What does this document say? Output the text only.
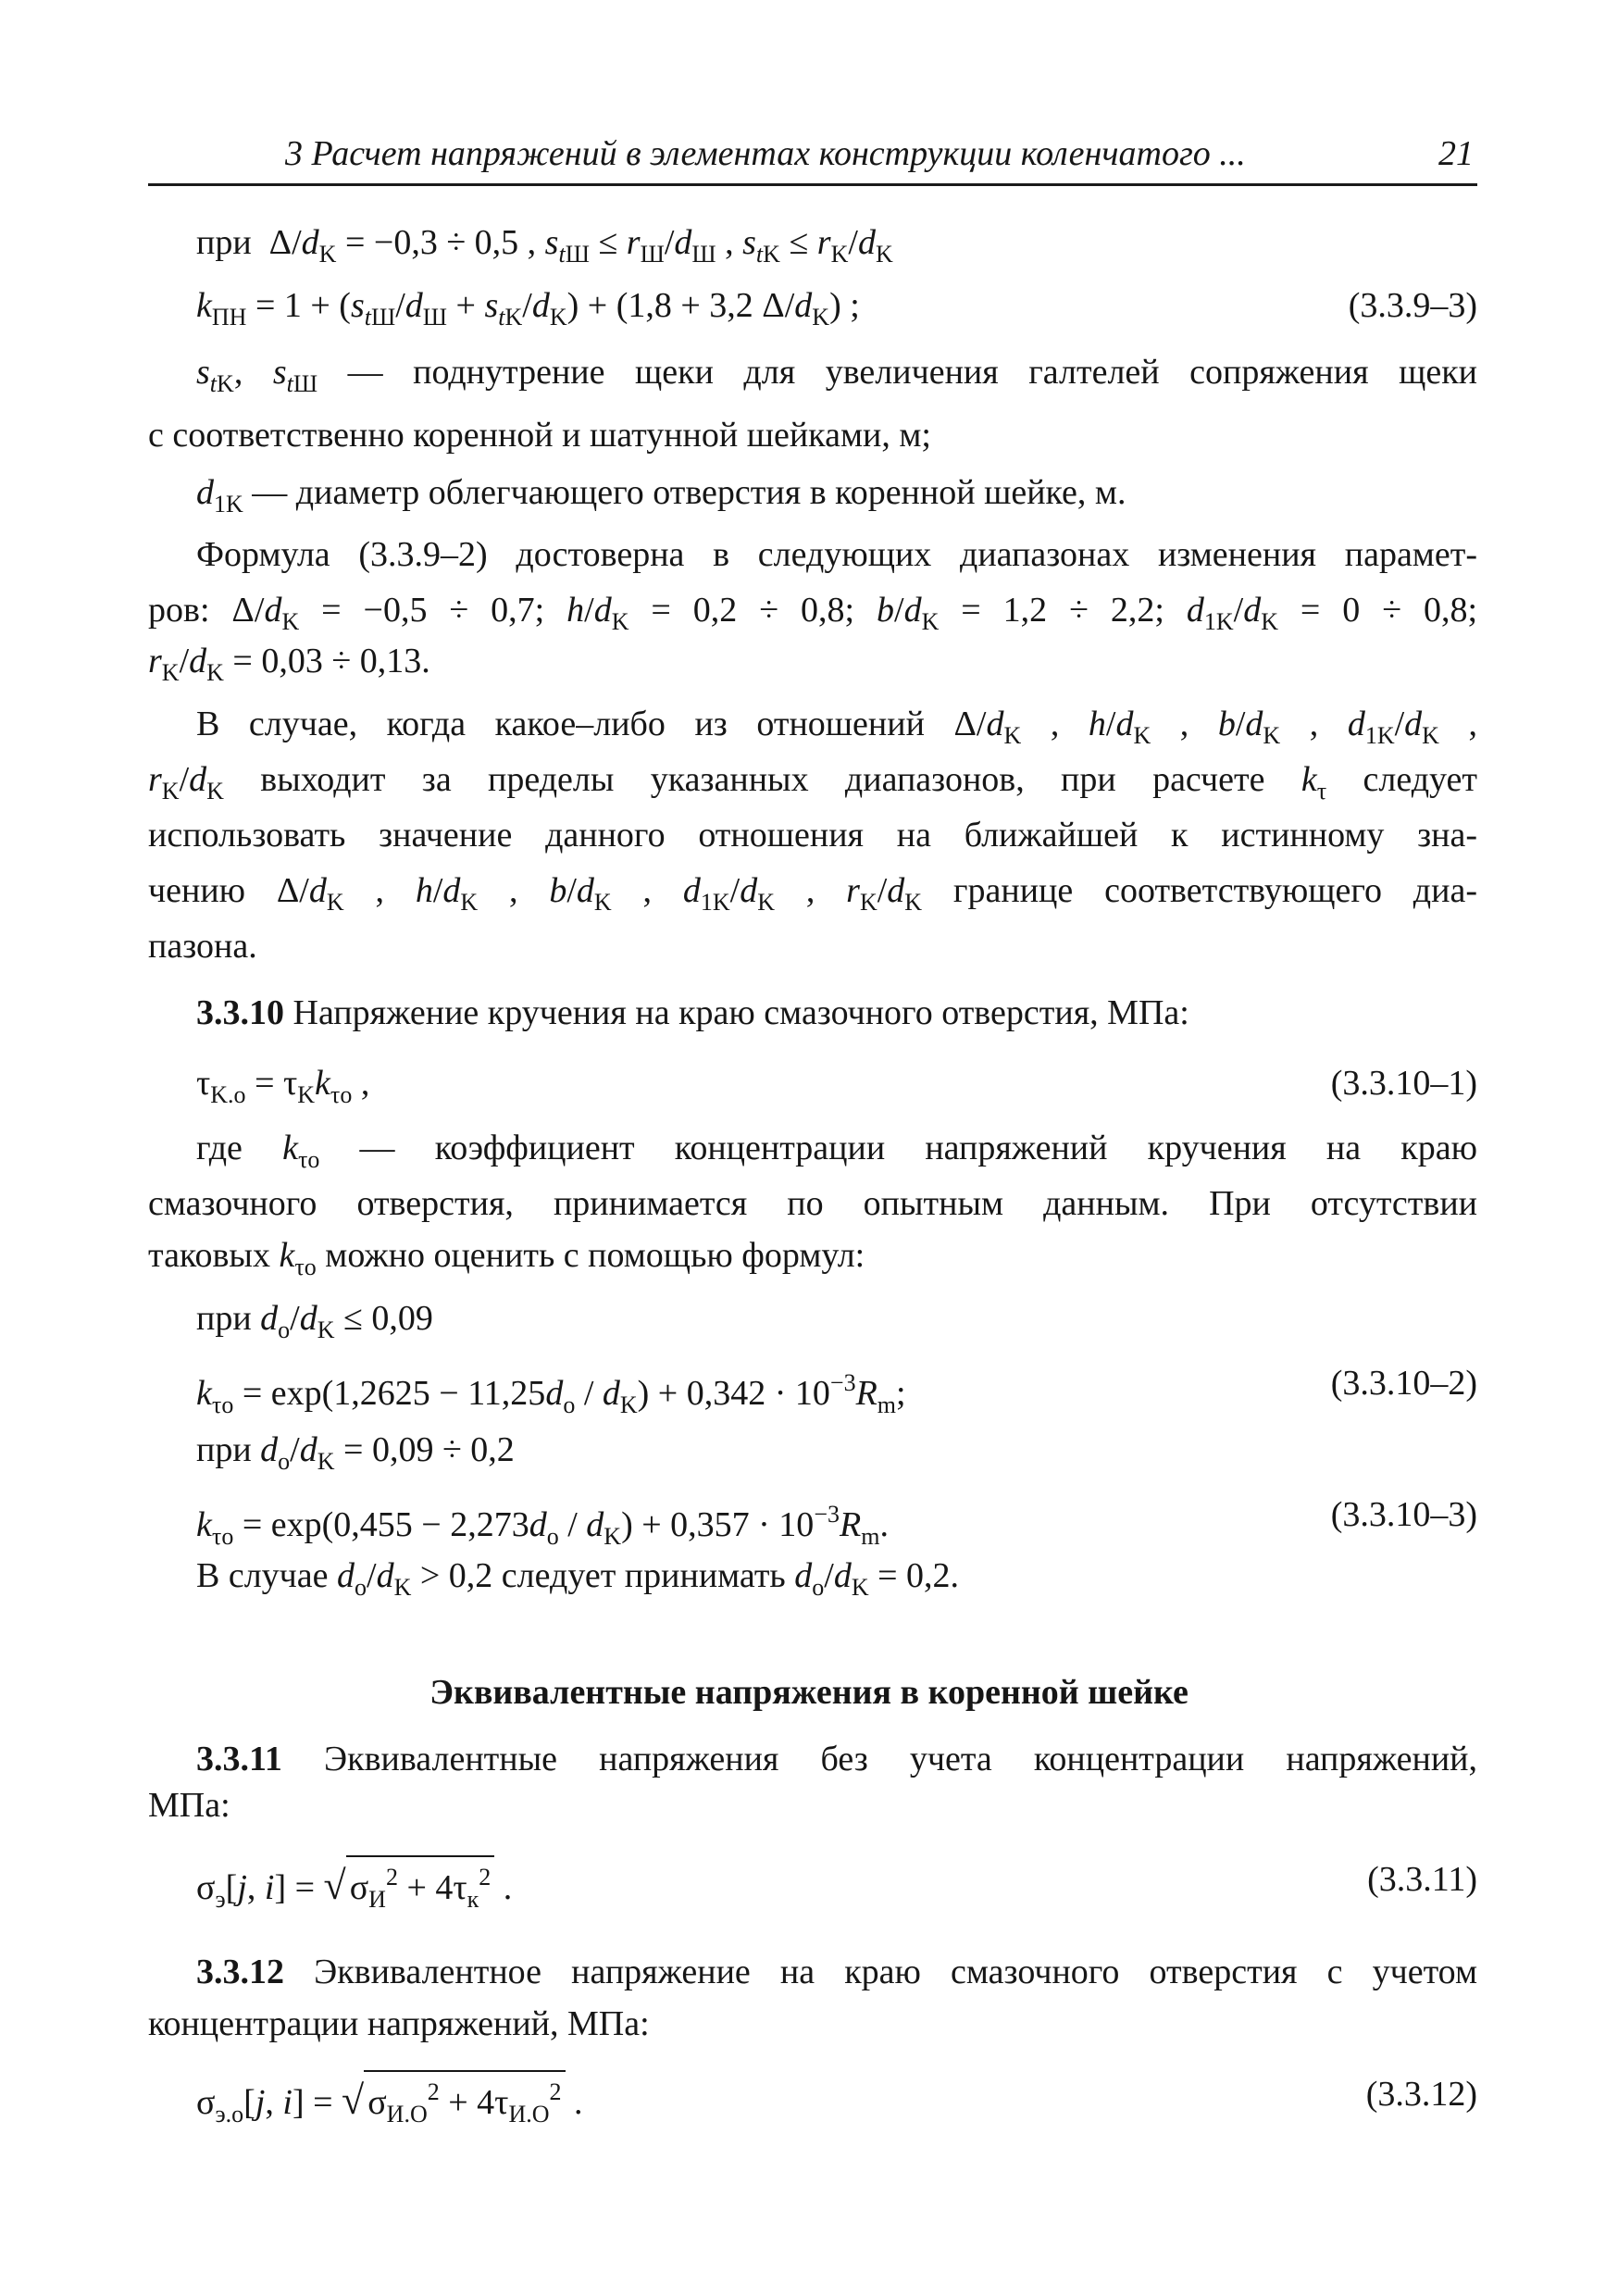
3 Расчет напряжений в элементах конструкции коленчатого ...	21
при  $\Delta/d_K = -0,3 \div 0,5$ , $s_{tШ} \le r_Ш/d_Ш$ , $s_{tK} \le r_K/d_K$
$k_{ПН} = 1 + (s_{tШ}/d_Ш + s_{tK}/d_K) + (1,8 + 3,2$ $\Delta/d_K$) ;	(3.3.9–3)
$s_{tK}$, $s_{tШ}$ — поднутрение щеки для увеличения галтелей сопряжения щеки
с соответственно коренной и шатунной шейками, м;
$d_{1K}$ — диаметр облегчающего отверстия в коренной шейке, м.
Формула (3.3.9–2) достоверна в следующих диапазонах изменения парамет-
ров: $\Delta/d_K = -0,5 \div 0,7$; $h/d_K = 0,2 \div 0,8$; $b/d_K = 1,2 \div 2,2$; $d_{1K}/d_K = 0 \div 0,8$;
$r_K/d_K = 0,03 \div 0,13$.
В случае, когда какое–либо из отношений $\Delta/d_K$ , $h/d_K$ , $b/d_K$ , $d_{1K}/d_K$ ,
$r_K/d_K$ выходит за пределы указанных диапазонов, при расчете $k_\tau$ следует
использовать значение данного отношения на ближайшей к истинному зна-
чению $\Delta/d_K$ , $h/d_K$ , $b/d_K$ , $d_{1K}/d_K$ , $r_K/d_K$ границе соответствующего диа-
пазона.
3.3.10 Напряжение кручения на краю смазочного отверстия, МПа:
$\tau_{K.o} = \tau_Kk_{\tau o}$ ,	(3.3.10–1)
где $k_{\tau o}$ — коэффициент концентрации напряжений кручения на краю
смазочного отверстия, принимается по опытным данным. При отсутствии
таковых $k_{\tau o}$ можно оценить с помощью формул:
при $d_o/d_K \le 0,09$
$k_{\tau o} = \exp(1,2625 - 11,25d_o / d_K) + 0,342 \cdot 10^{-3}R_m$;	(3.3.10–2)
при $d_o/d_K = 0,09 \div 0,2$
$k_{\tau o} = \exp(0,455 - 2,273d_o / d_K) + 0,357 \cdot 10^{-3}R_m$.	(3.3.10–3)
В случае $d_o/d_K > 0,2$ следует принимать $d_o/d_K = 0,2$.
Эквивалентные напряжения в коренной шейке
3.3.11 Эквивалентные напряжения без учета концентрации напряжений,
МПа:
$\sigma_э[j$, i] = √ $\sigma_И^2 + 4\tau_к^2$ .	(3.3.11)
3.3.12 Эквивалентное напряжение на краю смазочного отверстия с учетом
концентрации напряжений, МПа:
$\sigma_{э.о}[j$, i] = √ $\sigma_{И.О}^2 + 4\tau_{И.О}^2$ .	(3.3.12)
